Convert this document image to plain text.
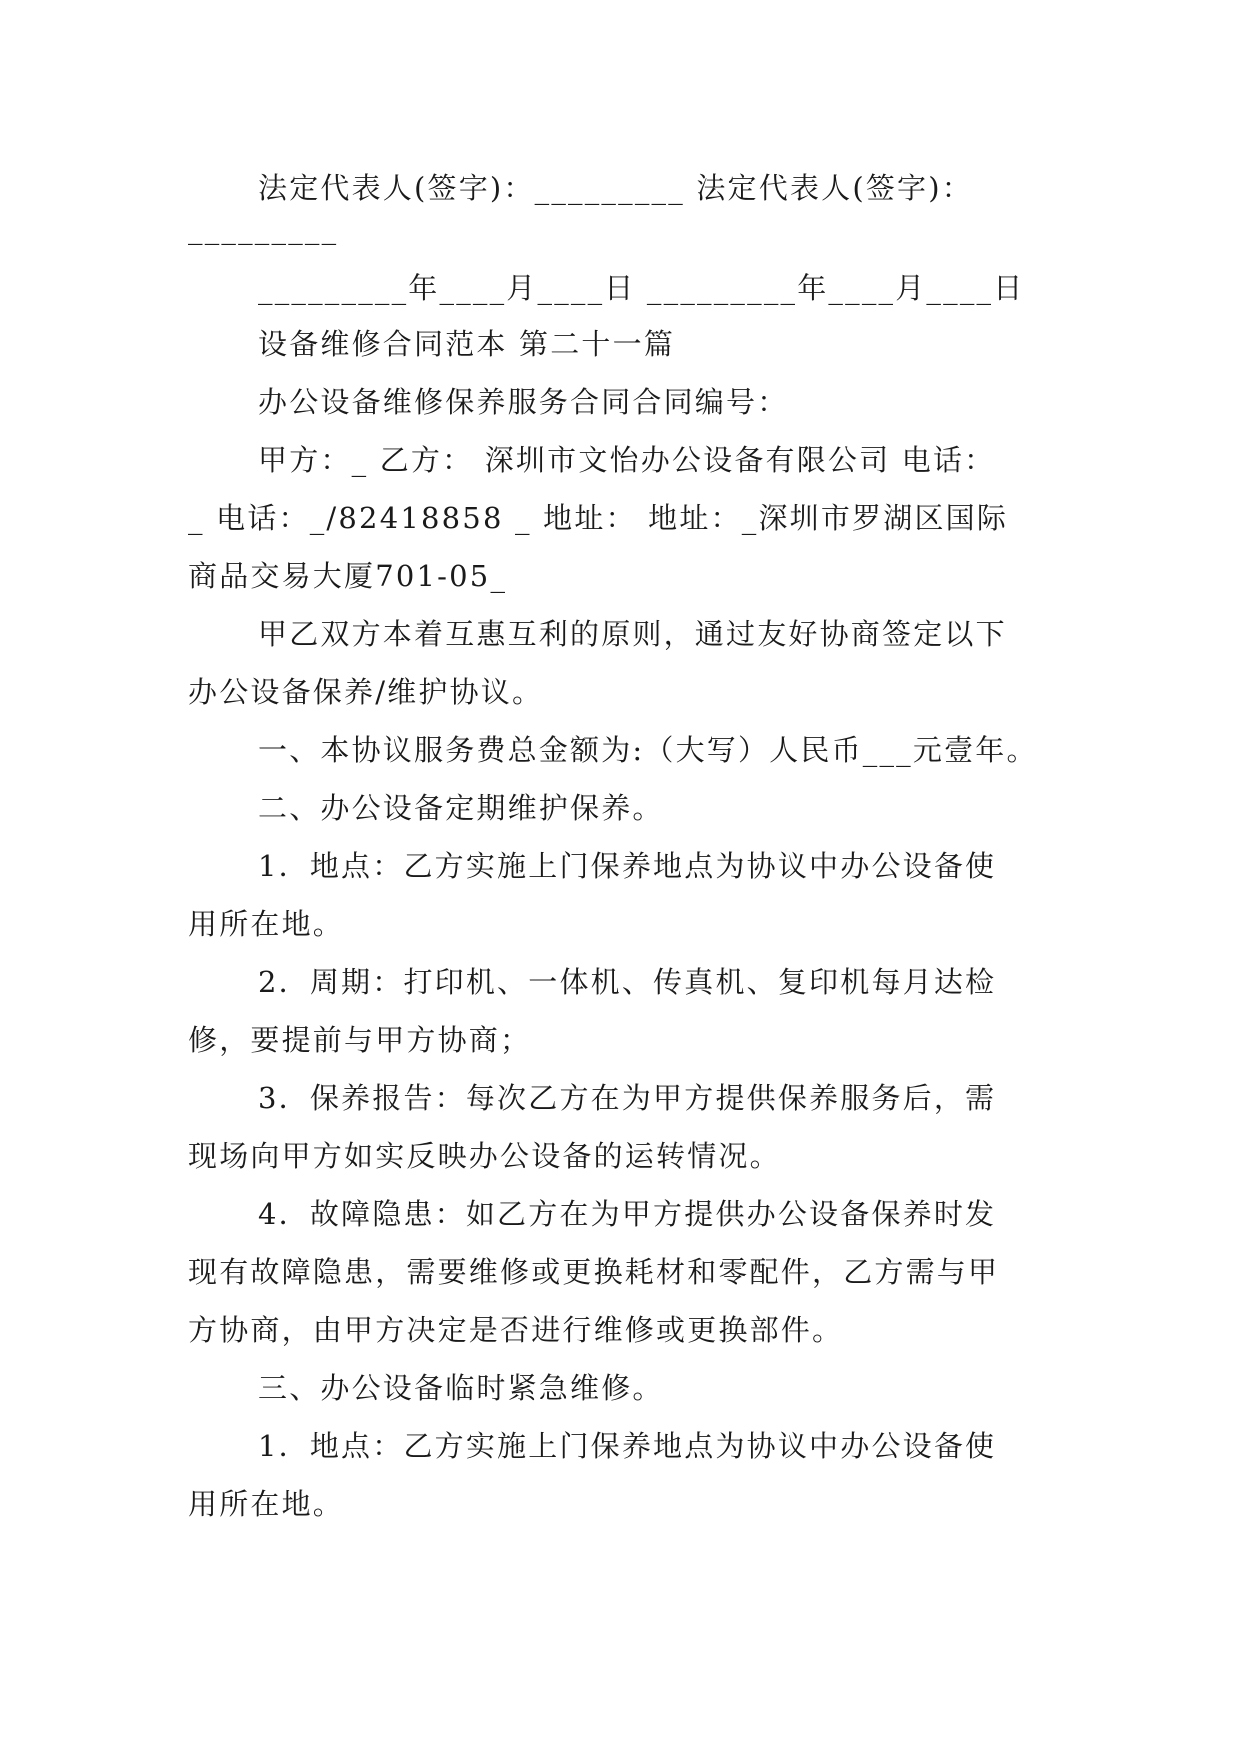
法定代表人(签字)：_________ 法定代表人(签字)：
_________
_________年____月____日 _________年____月____日
设备维修合同范本 第二十一篇
办公设备维修保养服务合同合同编号：
甲方：_ 乙方： 深圳市文怡办公设备有限公司 电话：
_ 电话：_/82418858 _ 地址： 地址：_深圳市罗湖区国际
商品交易大厦701-05_
甲乙双方本着互惠互利的原则，通过友好协商签定以下
办公设备保养/维护协议。
一、本协议服务费总金额为:（大写）人民币___元壹年。
二、办公设备定期维护保养。
1．地点：乙方实施上门保养地点为协议中办公设备使
用所在地。
2．周期：打印机、一体机、传真机、复印机每月达检
修，要提前与甲方协商；
3．保养报告：每次乙方在为甲方提供保养服务后，需
现场向甲方如实反映办公设备的运转情况。
4．故障隐患：如乙方在为甲方提供办公设备保养时发
现有故障隐患，需要维修或更换耗材和零配件，乙方需与甲
方协商，由甲方决定是否进行维修或更换部件。
三、办公设备临时紧急维修。
1．地点：乙方实施上门保养地点为协议中办公设备使
用所在地。
